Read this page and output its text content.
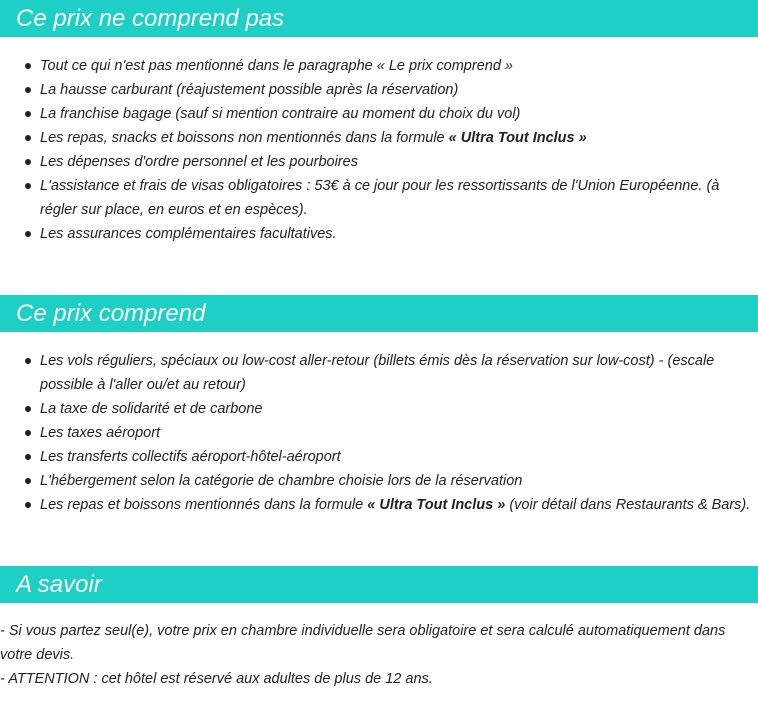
Ce prix ne comprend pas
Tout ce qui n'est pas mentionné dans le paragraphe « Le prix comprend »
La hausse carburant (réajustement possible après la réservation)
La franchise bagage (sauf si mention contraire au moment du choix du vol)
Les repas, snacks et boissons non mentionnés dans la formule « Ultra Tout Inclus »
Les dépenses d'ordre personnel et les pourboires
L'assistance et frais de visas obligatoires : 53€ à ce jour pour les ressortissants de l'Union Européenne. (à régler sur place, en euros et en espèces).
Les assurances complémentaires facultatives.
Ce prix comprend
Les vols réguliers, spéciaux ou low-cost aller-retour (billets émis dès la réservation sur low-cost) - (escale possible à l'aller ou/et au retour)
La taxe de solidarité et de carbone
Les taxes aéroport
Les transferts collectifs aéroport-hôtel-aéroport
L'hébergement selon la catégorie de chambre choisie lors de la réservation
Les repas et boissons mentionnés dans la formule « Ultra Tout Inclus » (voir détail dans Restaurants & Bars).
A savoir

- Si vous partez seul(e), votre prix en chambre individuelle sera obligatoire et sera calculé automatiquement dans votre devis.

- ATTENTION : cet hôtel est réservé aux adultes de plus de 12 ans.
